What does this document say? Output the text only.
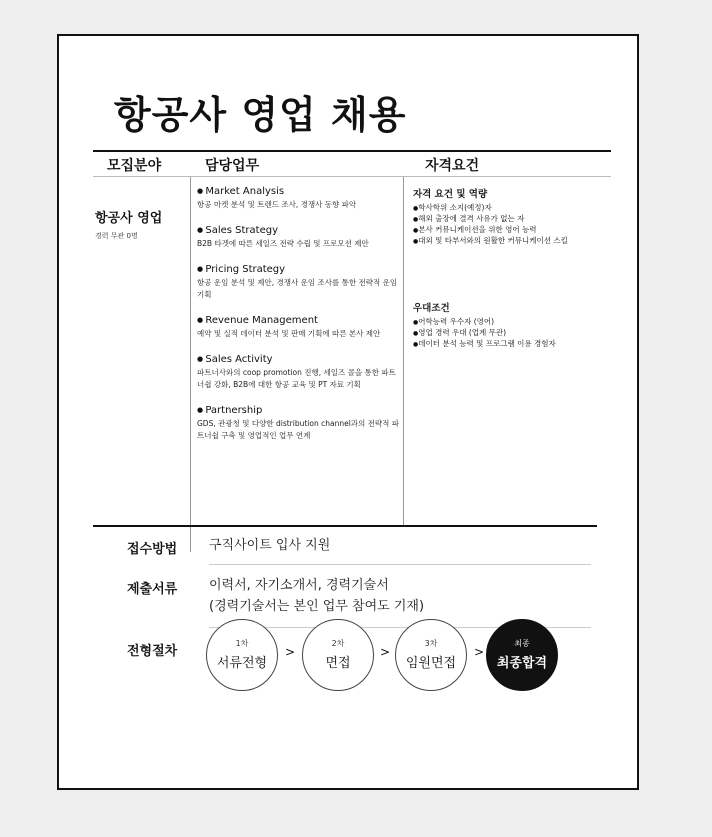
항공사 영업 채용
모집분야	담당업무	자격요건
항공사 영업
경력 무관 0명
● Market Analysis
항공 마켓 분석 및 트렌드 조사, 경쟁사 동향 파악
● Sales Strategy
B2B 타겟에 따른 세일즈 전략 수립 및 프로모션 제안
● Pricing Strategy
항공 운임 분석 및 제안, 경쟁사 운임 조사를 통한 전략적 운임 기획
● Revenue Management
예약 및 실적 데이터 분석 및 판매 기획에 따른 본사 제안
● Sales Activity
파트너사와의 coop promotion 진행, 세일즈 콜을 통한 파트너쉽 강화, B2B에 대한 항공 교육 및 PT 자료 기획
● Partnership
GDS, 관광청 및 다양한 distribution channel과의 전략적 파트너쉽 구축 및 영업적인 업무 연계
자격 요건 및 역량
● 학사학위 소지(예정)자
● 해외 출장에 결격 사유가 없는 자
● 본사 커뮤니케이션을 위한 영어 능력
● 대외 및 타부서와의 원활한 커뮤니케이션 스킬
우대조건
● 어학능력 우수자 (영어)
● 영업 경력 우대 (업계 무관)
● 데이터 분석 능력 및 프로그램 이용 경험자
접수방법 구직사이트 입사 지원
제출서류 이력서, 자기소개서, 경력기술서
(경력기술서는 본인 업무 참여도 기재)
전형절차
1차
서류전형
>
2차
면접
>
3차
임원면접
>
최종
최종합격
